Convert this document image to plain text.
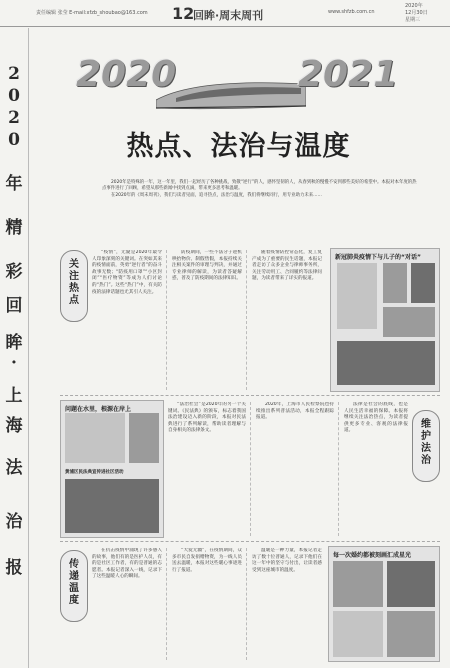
责任编辑 张莹 E-mail:xfzb_shoubao@163.com 12
回眸·周末周刊	www.shfzb.com.cn
2020年
12月30日
星期三
2
0
2
0
年
精
彩
回
眸
·
上
海
法
治
报
2020	2021
热点、法治与温度

2020年是特殊的一年，这一年里，我们一起经历了各种挑战，致敬“逆行”的人，感怀坚韧的人，从春到秋的慢慢不安到那些美好的希望中。本报对本年度的热点事件进行了回顾，希望从那些新闻中找到点滴，带来更多思考和温暖。

在2020年的《周末周刊》，我们与读者见面，追寻热点，法治与温度，我们将继续同行，用专业助力未来……

关注热点

“疫情”，无疑是2020年最令人印象深刻的关键词。在突如其来的疫情面前，英勇“逆行者”的奋斗故事无数；“防疫用口罩”“小区封闭”“医疗物资”等成为人们讨论的“热门”。这些“热门”中，有关防疫的法律话题也尤其引人关注。

防疫期间，一些不法分子趁机哄抬物价、制假售假，本报持续关注相关案件的审理与判决，并通过专业律师的解读，为读者答疑解惑，普及了防疫期间的法律知识。

随着疫情防控常态化，复工复产成为了重要的民生话题，本报记者走访了众多企业与律师事务所，关注劳动用工、合同履约等法律问题，为读者带来了详实的报道。

新冠肺炎疫情下与儿子的“对话”
问题在水里，根源在岸上
黄浦区民法典宣传进社区活动

“法治社会”是2020年的另一个关键词。《民法典》的颁布，标志着我国法治建设迈入新的阶段，本报对民法典进行了系列解读，帮助读者理解与自身相关的法律条文。

2020年，上海市人民检察院也持续推出系列普法活动，本报全程跟踪报道。

法律是社会的底线，也是人民生活幸福的保障。本报将继续关注法治热点，为读者提供更多专业、客观的法律报道。

维护法治
传递温度

在抗击疫情中涌现了许多感人的故事，他们有的是医护人员，有的是社区工作者，有的是普通的志愿者。本报记者深入一线，记录下了这些温暖人心的瞬间。

“大爱无疆”，在疫情期间，众多市民自发捐赠物资，为一线人员送去温暖，本报对这些暖心事迹进行了报道。

温暖是一种力量，本报记者走访了数十位普通人，记录下他们在这一年中的坚守与付出，让读者感受到这座城市的温度。

每一次婚约都被刻画汇成星光
